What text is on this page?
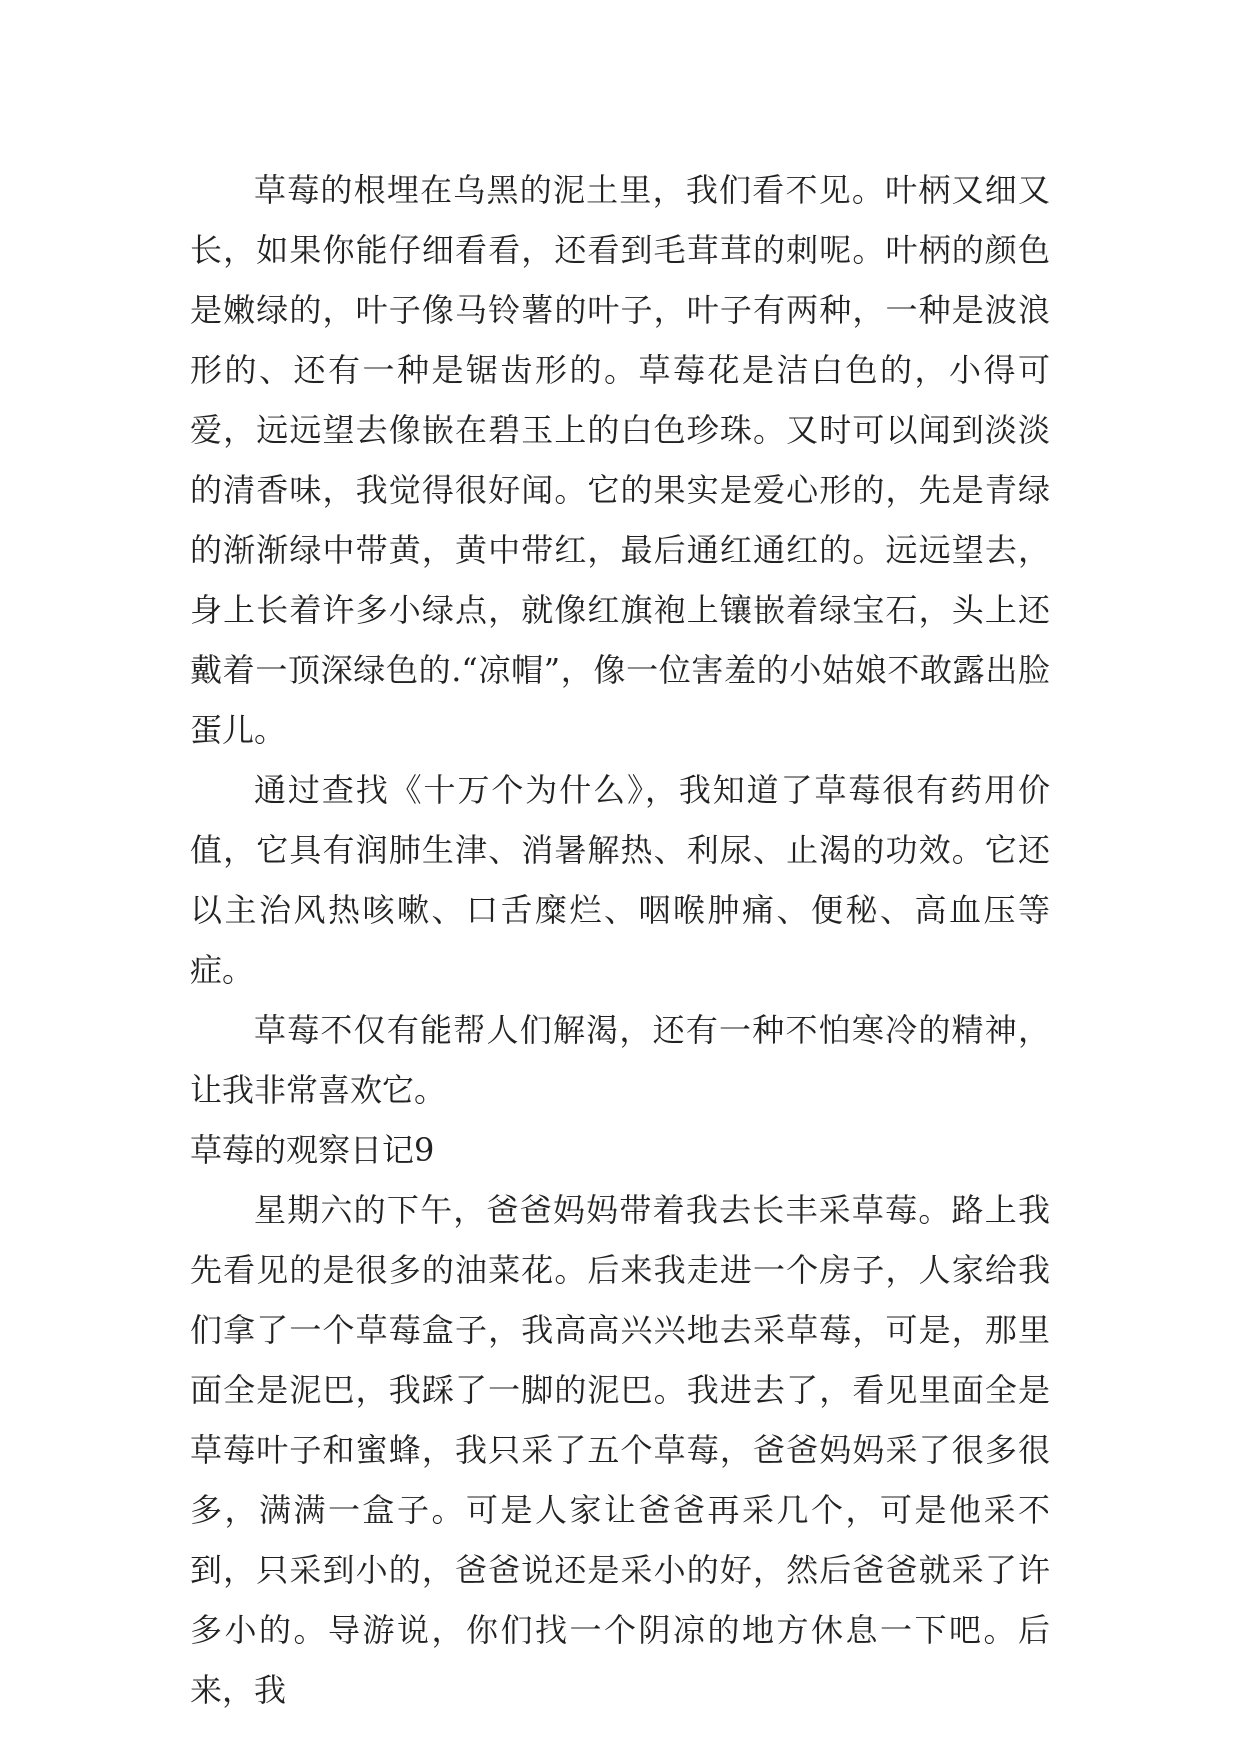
草莓的根埋在乌黑的泥土里，我们看不见。叶柄又细又长，如果你能仔细看看，还看到毛茸茸的刺呢。叶柄的颜色是嫩绿的，叶子像马铃薯的叶子，叶子有两种，一种是波浪形的、还有一种是锯齿形的。草莓花是洁白色的，小得可爱，远远望去像嵌在碧玉上的白色珍珠。又时可以闻到淡淡的清香味，我觉得很好闻。它的果实是爱心形的，先是青绿的渐渐绿中带黄，黄中带红，最后通红通红的。远远望去，身上长着许多小绿点，就像红旗袍上镶嵌着绿宝石，头上还戴着一顶深绿色的.“凉帽”，像一位害羞的小姑娘不敢露出脸蛋儿。

通过查找《十万个为什么》，我知道了草莓很有药用价值，它具有润肺生津、消暑解热、利尿、止渴的功效。它还以主治风热咳嗽、口舌糜烂、咽喉肿痛、便秘、高血压等症。

草莓不仅有能帮人们解渴，还有一种不怕寒冷的精神，让我非常喜欢它。

草莓的观察日记9

星期六的下午，爸爸妈妈带着我去长丰采草莓。路上我先看见的是很多的油菜花。后来我走进一个房子，人家给我们拿了一个草莓盒子，我高高兴兴地去采草莓，可是，那里面全是泥巴，我踩了一脚的泥巴。我进去了，看见里面全是草莓叶子和蜜蜂，我只采了五个草莓，爸爸妈妈采了很多很多，满满一盒子。可是人家让爸爸再采几个，可是他采不到，只采到小的，爸爸说还是采小的好，然后爸爸就采了许多小的。导游说，你们找一个阴凉的地方休息一下吧。后来，我
